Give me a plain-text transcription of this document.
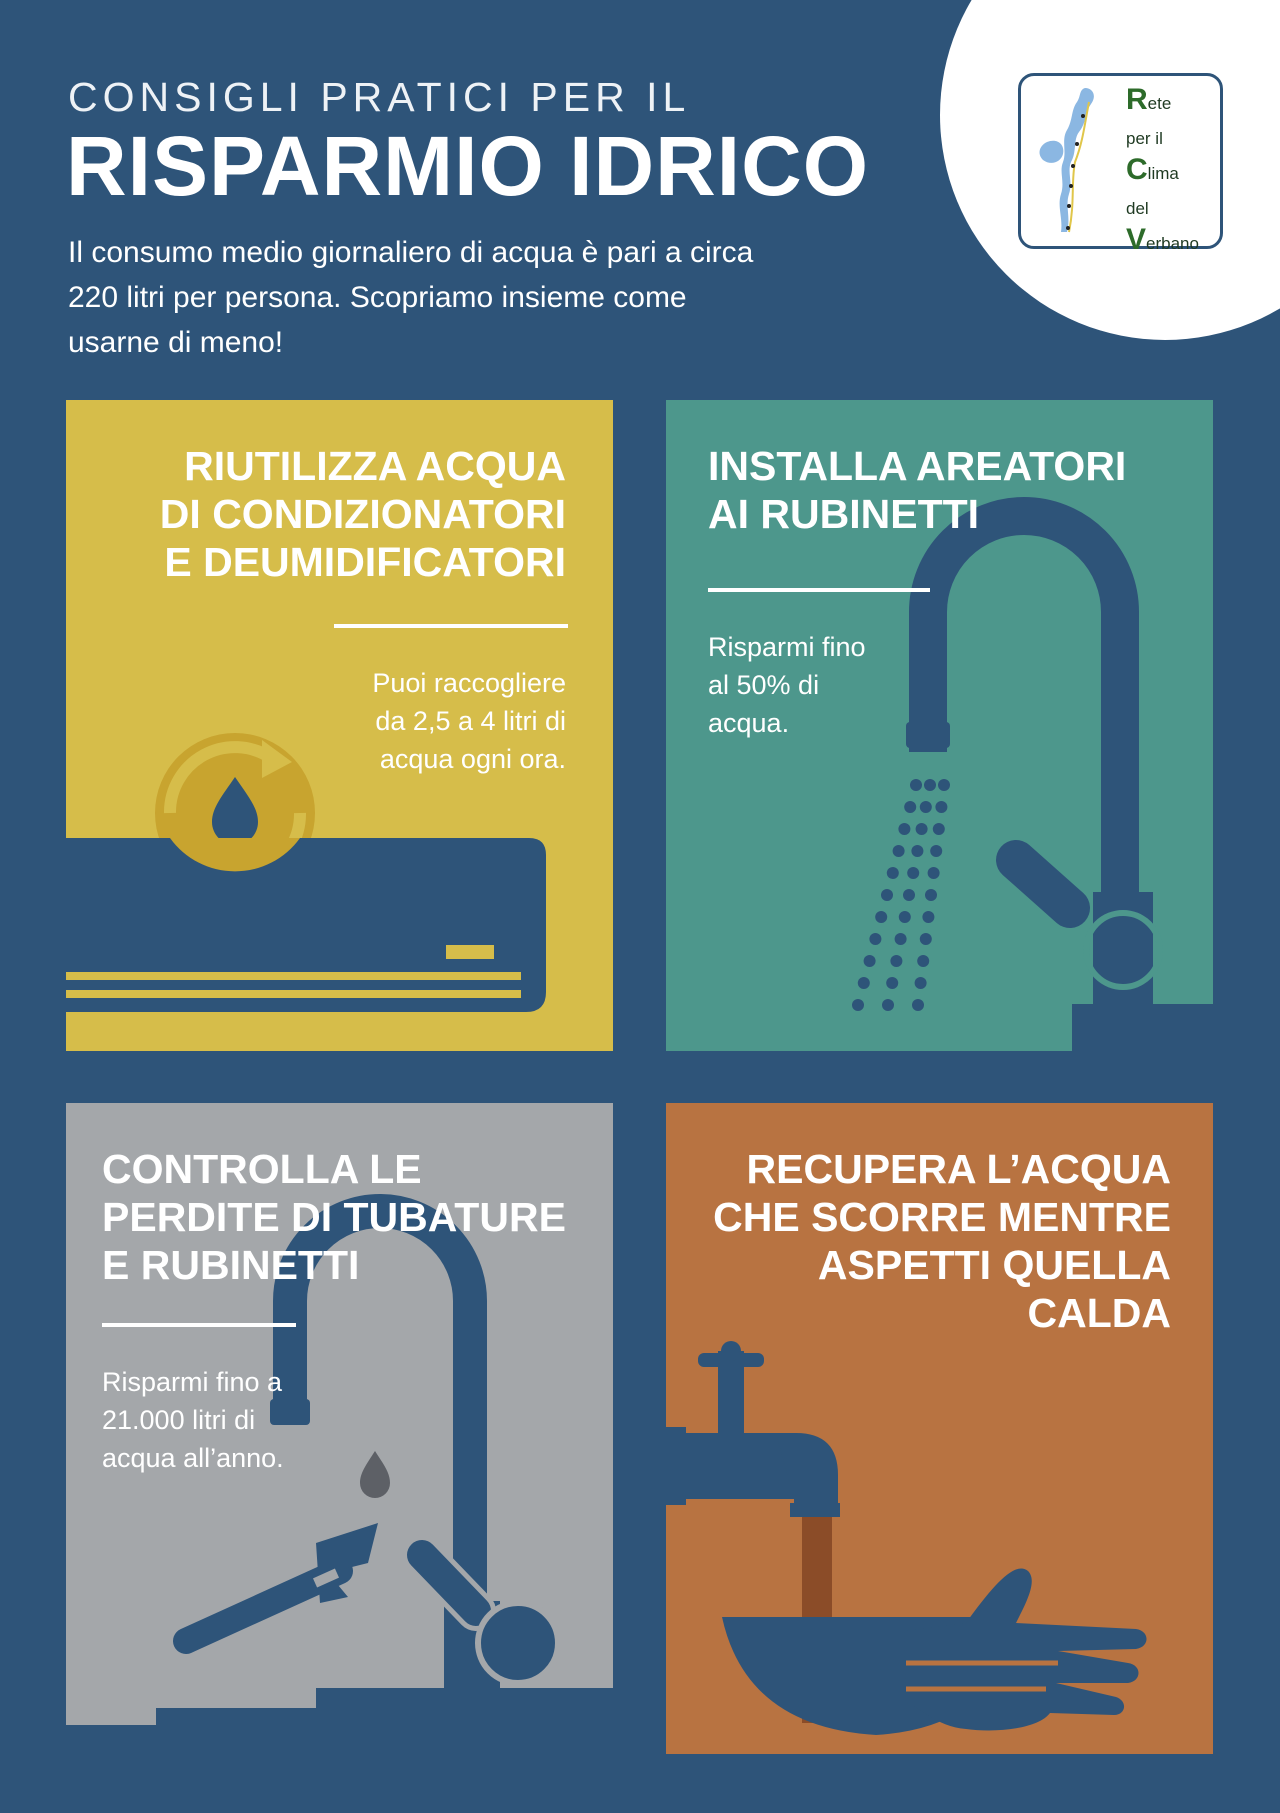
CONSIGLI PRATICI PER IL
RISPARMIO IDRICO
Il consumo medio giornaliero di acqua è pari a circa
220 litri per persona. Scopriamo insieme come
usarne di meno!
Rete
per il
Clima
del
Verbano
RIUTILIZZA ACQUA
DI CONDIZIONATORI
E DEUMIDIFICATORI
Puoi raccogliere
da 2,5 a 4 litri di
acqua ogni ora.
INSTALLA AREATORI
AI RUBINETTI
Risparmi fino
al 50% di
acqua.
CONTROLLA LE
PERDITE DI TUBATURE
E RUBINETTI
Risparmi fino a
21.000 litri di
acqua all’anno.
RECUPERA L’ACQUA
CHE SCORRE MENTRE
ASPETTI QUELLA
CALDA
